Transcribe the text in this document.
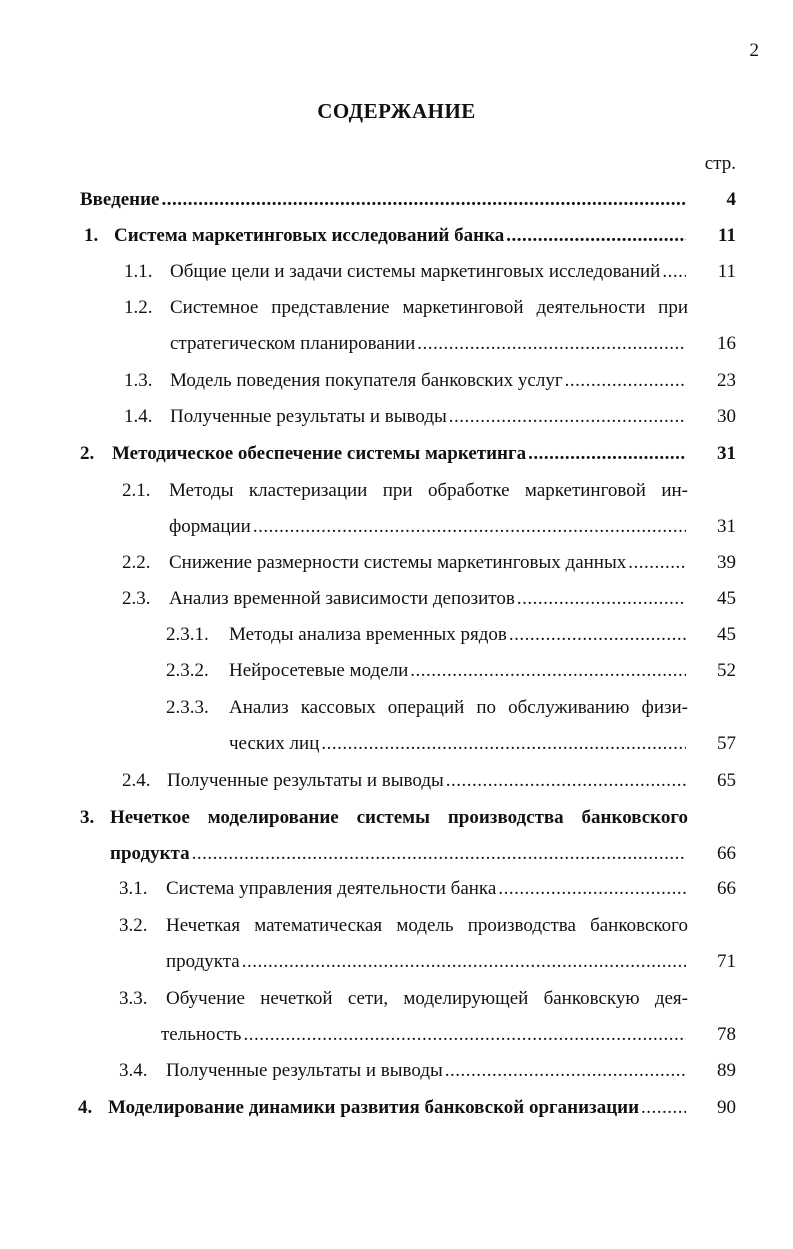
2
СОДЕРЖАНИЕ
стр.
Введение .....	4
1. Система маркетинговых исследований банка .....	11
1.1. Общие цели и задачи системы маркетинговых исследований .....	11
1.2. Системное представление маркетинговой деятельности при
стратегическом планировании .....	16
1.3. Модель поведения покупателя банковских услуг .....	23
1.4. Полученные результаты и выводы .....	30
2. Методическое обеспечение системы маркетинга .....	31
2.1. Методы кластеризации при обработке маркетинговой ин-
формации .....	31
2.2. Снижение размерности системы маркетинговых данных .....	39
2.3. Анализ временной зависимости депозитов .....	45
2.3.1.	Методы анализа временных рядов .....	45
2.3.2.	Нейросетевые модели .....	52
2.3.3.	Анализ кассовых операций по обслуживанию физи-
ческих лиц .....	57
2.4. Полученные результаты и выводы .....	65
3. Нечеткое моделирование системы производства банковского
продукта .....	66
3.1. Система управления деятельности банка .....	66
3.2. Нечеткая математическая модель производства банковского
продукта .....	71
3.3. Обучение нечеткой сети, моделирующей банковскую дея-
тельность .....	78
3.4. Полученные результаты и выводы .....	89
4. Моделирование динамики развития банковской организации .....	90
